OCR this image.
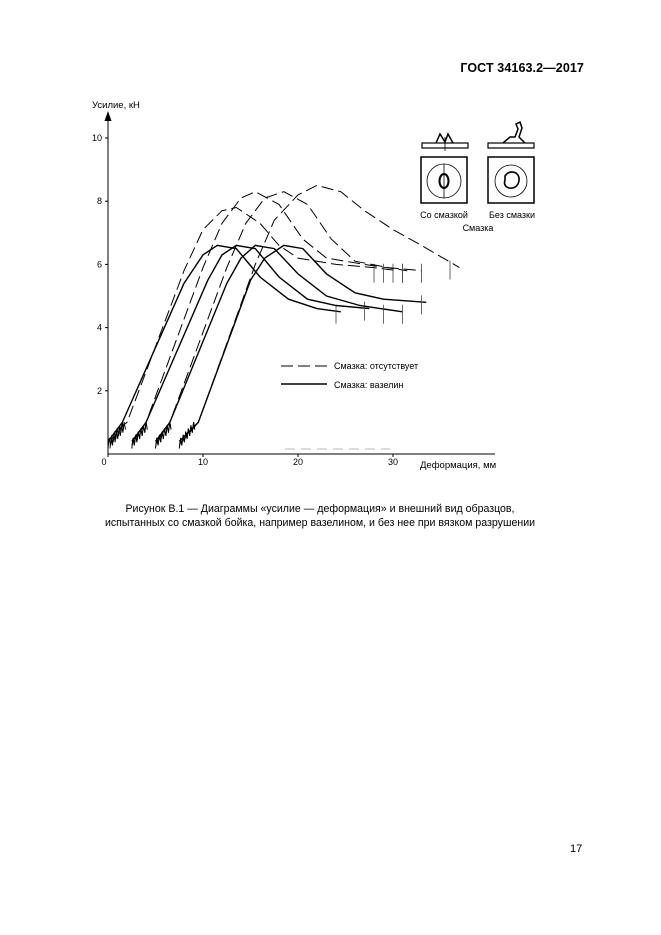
ГОСТ 34163.2—2017
Усилие, кН
Деформация, мм
0	10	20	30
2
4
6
8
10
Смазка: отсутствует
Смазка: вазелин
Со смазкой Без смазки
Смазка
Рисунок В.1 — Диаграммы «усилие — деформация» и внешний вид образцов,
испытанных со смазкой бойка, например вазелином, и без нее при вязком разрушении
17
